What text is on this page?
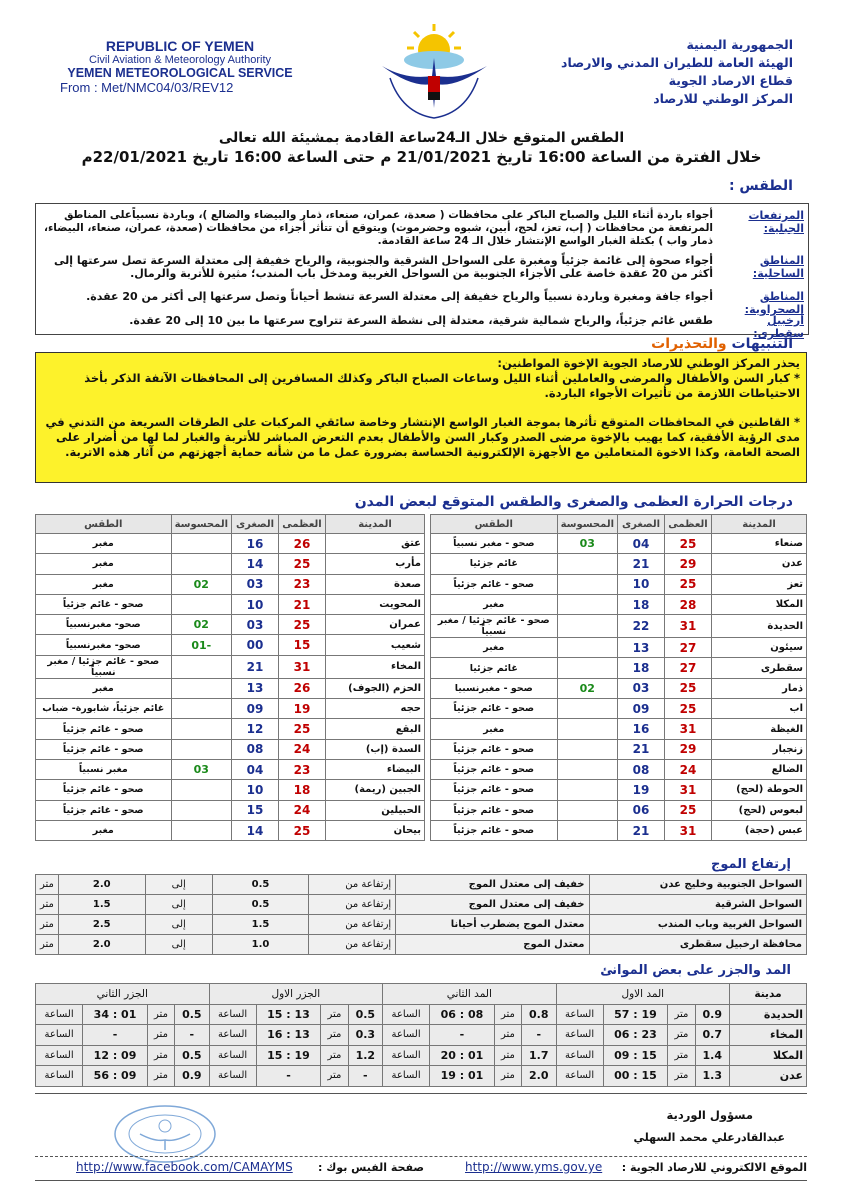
REPUBLIC OF YEMEN
Civil Aviation & Meteorology Authority
YEMEN METEOROLOGICAL SERVICE
From : Met/NMC04/03/REV12
الجمهورية اليمنية
الهيئة العامة للطيران المدني والارصاد
قطاع الارصاد الجوية
المركز الوطني للارصاد
الطقس المتوقع خلال الـ24ساعة القادمة بمشيئة الله تعالى
خلال الفترة من الساعة 16:00 تاريخ 21/01/2021 م حتى الساعة 16:00 تاريخ 22/01/2021م
الطقس :
المرتفعات الجبلية:
أجواء باردة أثناء الليل والصباح الباكر على محافظات ( صعدة، عمران، صنعاء، ذمار والبيضاء والضالع )، وباردة نسبياًعلى المناطق المرتفعة من محافظات ( إب، تعز، لحج، أبين، شبوه وحضرموت) ويتوقع أن تتأثر أجزاء من محافظات (صعدة، عمران، صنعاء، البيضاء، ذمار واب ) بكتلة الغبار الواسع الإنتشار خلال الـ 24 ساعة القادمة.
المناطق الساحلية:
أجواء صحوة إلى غائمة جزئياً ومغبرة على السواحل الشرقية والجنوبية، والرياح خفيفة إلى معتدلة السرعة تصل سرعتها إلى أكثر من 20 عقدة خاصة على الأجزاء الجنوبية من السواحل الغربية ومدخل باب المندب؛ مثيرة للأتربة والرمال.
المناطق الصحراوية:
أجواء جافة ومغبرة وباردة نسبياً والرياح خفيفة إلى معتدلة السرعة تنشط أحياناً وتصل سرعتها إلى أكثر من 20 عقدة.
أرخبيل سقطرى:
طقس غائم جزئياً، والرياح شمالية شرقية، معتدلة إلى نشطة السرعة تتراوح سرعتها ما بين 10 إلى 20 عقدة.
التنبيهات والتحذيرات

يحذر المركز الوطني للارصاد الجوية الإخوة المواطنين:

* كبار السن والأطفال والمرضى والعاملين أثناء الليل وساعات الصباح الباكر وكذلك المسافرين إلى المحافظات الآنفة الذكر بأخذ الاحتياطات اللازمة من تأثيرات الأجواء الباردة.

* القاطنين في المحافظات المتوقع تأثرها بموجة الغبار الواسع الإنتشار وخاصة سائقي المركبات على الطرقات السريعة من التدني في مدى الرؤية الأفقية، كما يهيب بالإخوة مرضى الصدر وكبار السن والأطفال بعدم التعرض المباشر للأتربة والغبار لما لها من أضرار على الصحة العامة، وكذا الاخوة المتعاملين مع الأجهزة الإلكترونية الحساسة بضرورة عمل ما من شأنه حماية أجهزتهم من آثار هذه الاتربة.

درجات الحرارة العظمى والصغرى والطقس المتوقع لبعض المدن
المدينة	العظمى	الصغرى	المحسوسة	الطقس
صنعاء	25	04	03	صحو - مغبر نسبياً
عدن	29	21		غائم جزئيا
تعز	25	10		صحو - غائم جزئياً
المكلا	28	18		مغبر
الحديدة	31	22		صحو - غائم جزئيا / مغبر نسبياً
سيئون	27	13		مغبر
سقطرى	27	18		غائم جزئيا
ذمار	25	03	02	صحو - مغبرنسبيا
اب	25	09		صحو - غائم جزئياً
الغيظة	31	16		مغبر
زنجبار	29	21		صحو - غائم جزئياً
الضالع	24	08		صحو - غائم جزئياً
الحوطة (لحج)	31	19		صحو - غائم جزئياً
لبعوس (لحج)	25	06		صحو - غائم جزئياً
عبس (حجة)	31	21		صحو - غائم جزئياً
المدينة	العظمى	الصغرى	المحسوسة	الطقس
عتق	26	16		مغبر
مأرب	25	14		مغبر
صعدة	23	03	02	مغبر
المحويت	21	10		صحو - غائم جزئياً
عمران	25	03	02	صحو- مغبرنسبياً
شعيب	15	00	-01	صحو- مغبرنسبياً
المخاء	31	21		صحو - غائم جزئيا / مغبر نسبياً
الحزم (الجوف)	26	13		مغبر
حجه	19	09		غائم جزئياً، شابورة- ضباب
البقع	25	12		صحو - غائم جزئياً
السدة (إب)	24	08		صحو - غائم جزئياً
البيضاء	23	04	03	مغبر نسبياً
الجبين (ريمة)	18	10		صحو - غائم جزئياً
الحبيلين	24	15		صحو - غائم جزئياً
بيحان	25	14		مغبر
إرتفاع الموج
السواحل الجنوبية وخليج عدن	خفيف إلى معتدل الموج	إرتفاعة من	0.5	إلى	2.0	متر
السواحل الشرقية	خفيف إلى معتدل الموج	إرتفاعة من	0.5	إلى	1.5	متر
السواحل الغربية وباب المندب	معتدل الموج يضطرب أحيانا	إرتفاعة من	1.5	إلى	2.5	متر
محافظة ارخبيل سقطرى	معتدل الموج	إرتفاعة من	1.0	إلى	2.0	متر
المد والجزر على بعض الموانئ
مدينة	المد الاول				المد الثاني				الجزر الاول				الجزر الثاني			
الحديدة	0.9	متر	19 : 57	الساعة	0.8	متر	08 : 06	الساعة	0.5	متر	13 : 15	الساعة	0.5	متر	01 : 34	الساعة
المخاء	0.7	متر	23 : 06	الساعة	-	متر	-	الساعة	0.3	متر	13 : 16	الساعة	-	متر	-	الساعة
المكلا	1.4	متر	15 : 09	الساعة	1.7	متر	01 : 20	الساعة	1.2	متر	19 : 15	الساعة	0.5	متر	09 : 12	الساعة
عدن	1.3	متر	15 : 00	الساعة	2.0	متر	01 : 19	الساعة	-	متر	-	الساعة	0.9	متر	09 : 56	الساعة
مسؤول الوردية
عبدالقادرعلي محمد السهلي
الموقع الالكتروني للارصاد الجوية :
http://www.yms.gov.ye
صفحة الفيس بوك :
http://www.facebook.com/CAMAYMS
